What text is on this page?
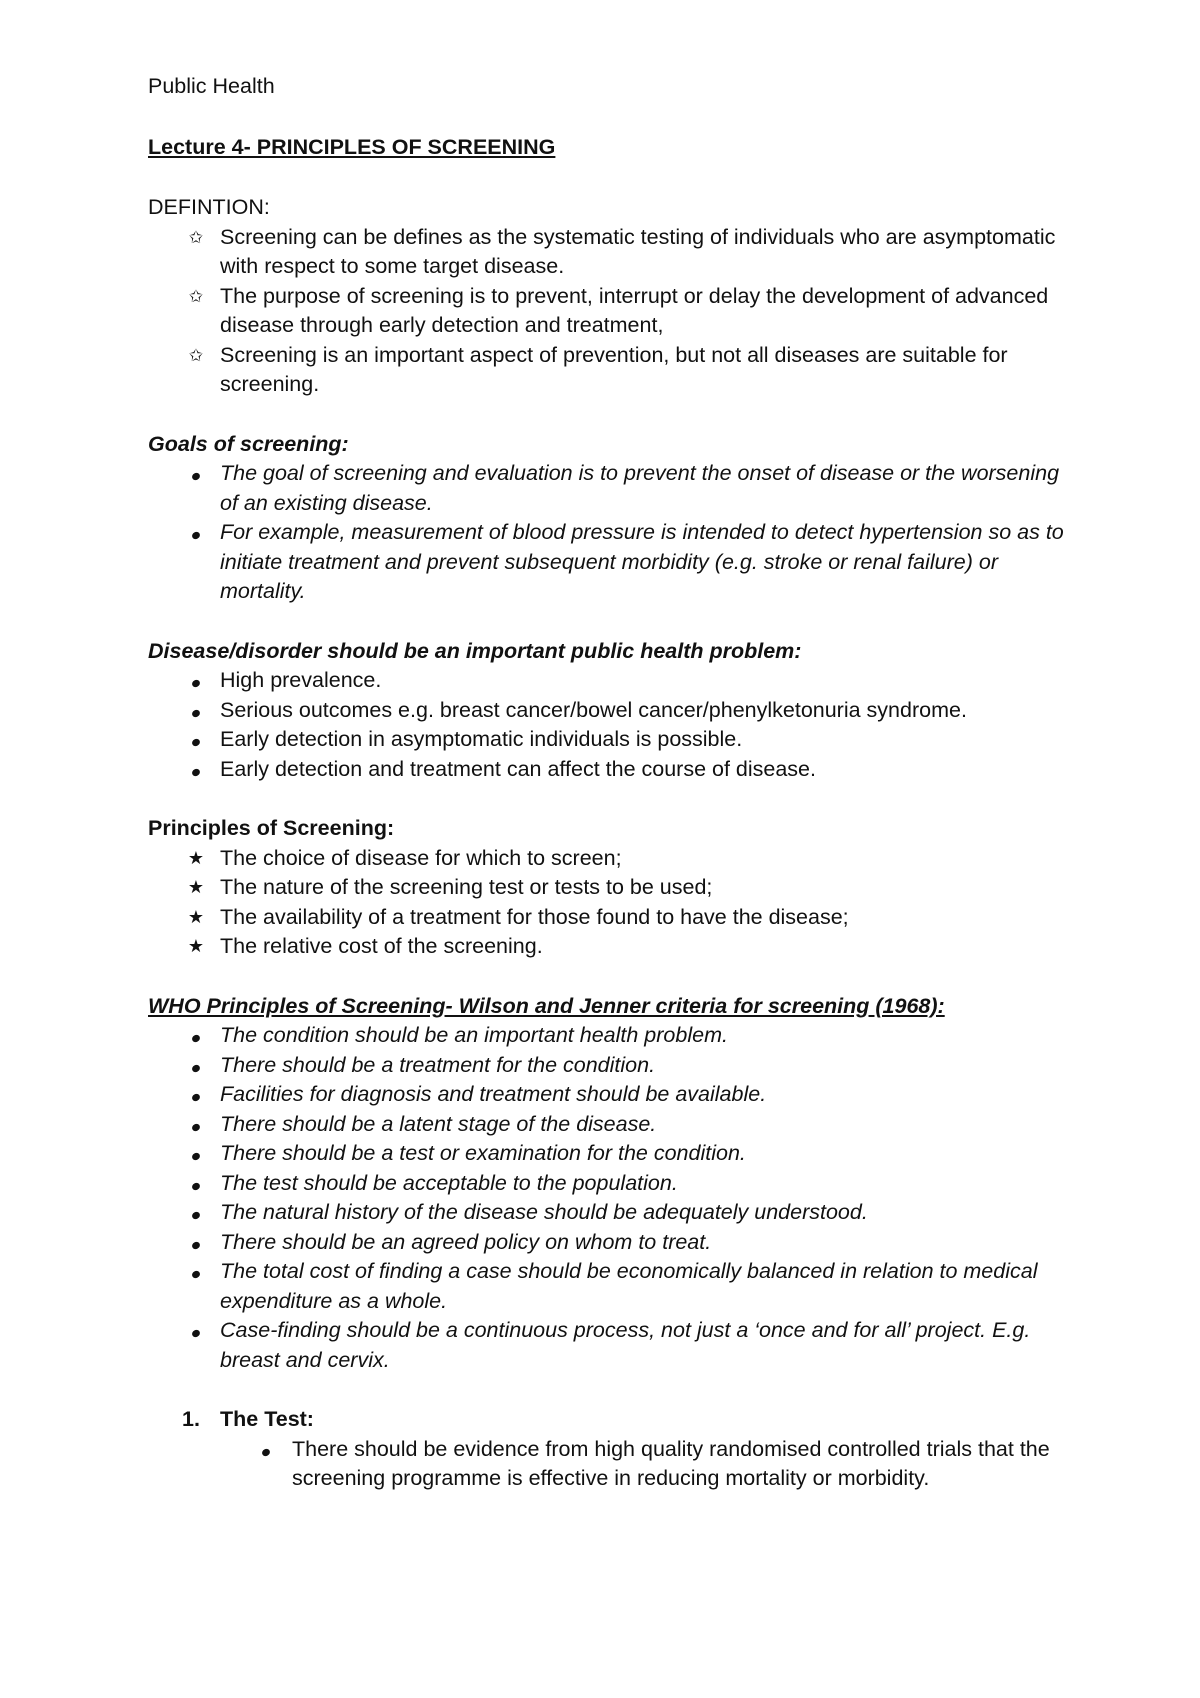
Public Health

Lecture 4- PRINCIPLES OF SCREENING

DEFINTION:

✩ Screening can be defines as the systematic testing of individuals who are asymptomatic with respect to some target disease.
✩ The purpose of screening is to prevent, interrupt or delay the development of advanced disease through early detection and treatment,
✩ Screening is an important aspect of prevention, but not all diseases are suitable for screening.

Goals of screening:

The goal of screening and evaluation is to prevent the onset of disease or the worsening of an existing disease.
For example, measurement of blood pressure is intended to detect hypertension so as to initiate treatment and prevent subsequent morbidity (e.g. stroke or renal failure) or mortality.

Disease/disorder should be an important public health problem:

High prevalence.
Serious outcomes e.g. breast cancer/bowel cancer/phenylketonuria syndrome.
Early detection in asymptomatic individuals is possible.
Early detection and treatment can affect the course of disease.

Principles of Screening:

★ The choice of disease for which to screen;
★ The nature of the screening test or tests to be used;
★ The availability of a treatment for those found to have the disease;
★ The relative cost of the screening.

WHO Principles of Screening- Wilson and Jenner criteria for screening (1968):

The condition should be an important health problem.
There should be a treatment for the condition.
Facilities for diagnosis and treatment should be available.
There should be a latent stage of the disease.
There should be a test or examination for the condition.
The test should be acceptable to the population.
The natural history of the disease should be adequately understood.
There should be an agreed policy on whom to treat.
The total cost of finding a case should be economically balanced in relation to medical expenditure as a whole.
Case-finding should be a continuous process, not just a ‘once and for all’ project. E.g. breast and cervix.

1. The Test:

There should be evidence from high quality randomised controlled trials that the screening programme is effective in reducing mortality or morbidity.
